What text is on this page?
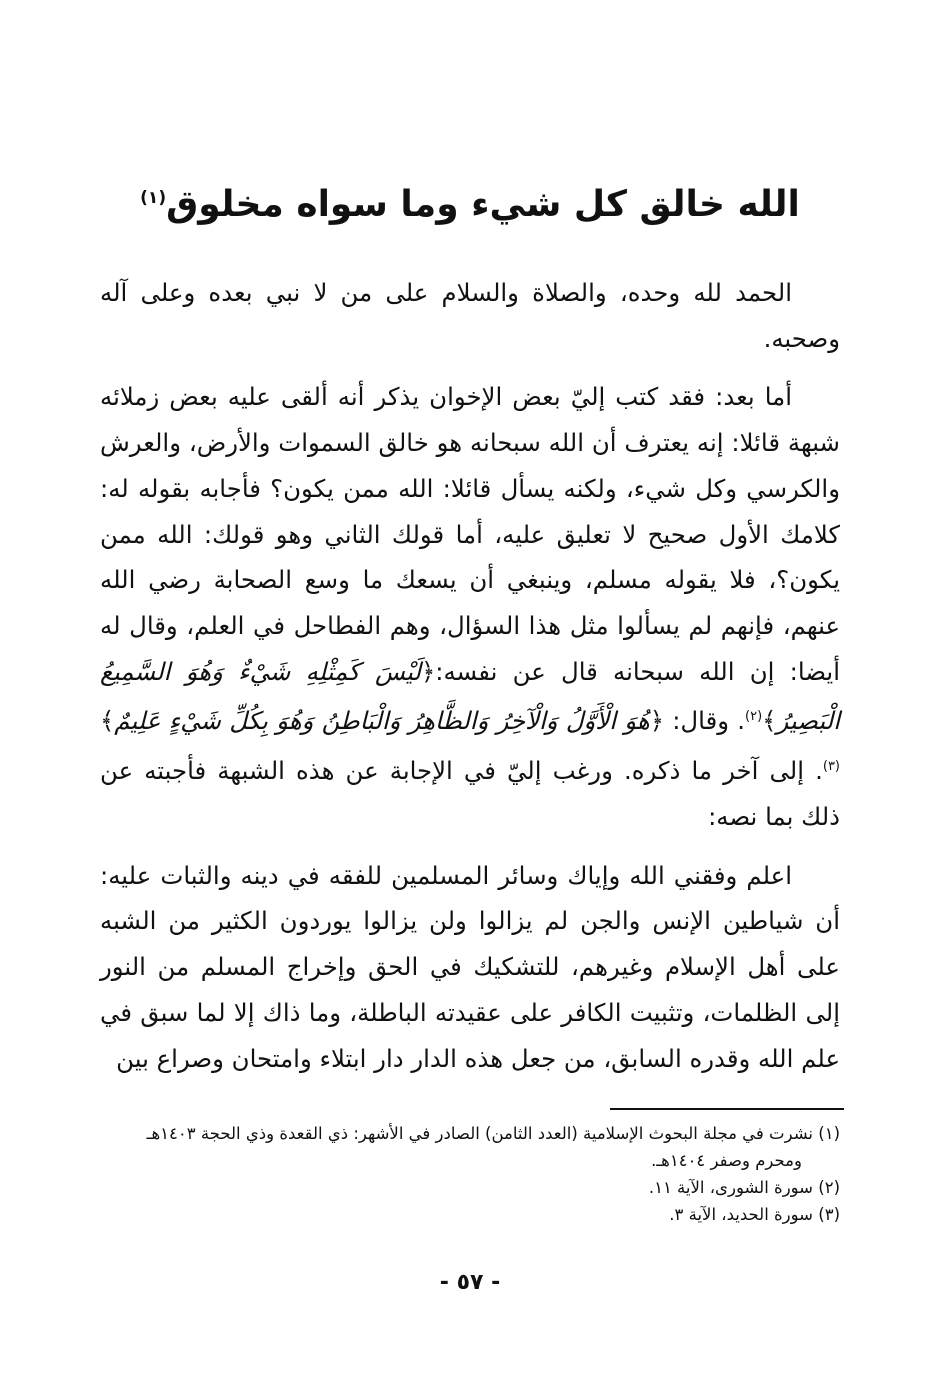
الله خالق كل شيء وما سواه مخلوق$^{(١)}$

الحمد لله وحده، والصلاة والسلام على من لا نبي بعده وعلى آله وصحبه.

أما بعد: فقد كتب إليّ بعض الإخوان يذكر أنه ألقى عليه بعض زملائه شبهة قائلا: إنه يعترف أن الله سبحانه هو خالق السموات والأرض، والعرش والكرسي وكل شيء، ولكنه يسأل قائلا: الله ممن يكون؟ فأجابه بقوله له: كلامك الأول صحيح لا تعليق عليه، أما قولك الثاني وهو قولك: الله ممن يكون؟، فلا يقوله مسلم، وينبغي أن يسعك ما وسع الصحابة رضي الله عنهم، فإنهم لم يسألوا مثل هذا السؤال، وهم الفطاحل في العلم، وقال له أيضا: إن الله سبحانه قال عن نفسه:﴿لَيْسَ كَمِثْلِهِ شَيْءٌ وَهُوَ السَّمِيعُ الْبَصِيرُ﴾$^{(٢)}$. وقال: ﴿هُوَ الْأَوَّلُ وَالْآخِرُ وَالظَّاهِرُ وَالْبَاطِنُ وَهُوَ بِكُلِّ شَيْءٍ عَلِيمٌ﴾$^{(٣)}$. إلى آخر ما ذكره. ورغب إليّ في الإجابة عن هذه الشبهة فأجبته عن ذلك بما نصه:

اعلم وفقني الله وإياك وسائر المسلمين للفقه في دينه والثبات عليه: أن شياطين الإنس والجن لم يزالوا ولن يزالوا يوردون الكثير من الشبه على أهل الإسلام وغيرهم، للتشكيك في الحق وإخراج المسلم من النور إلى الظلمات، وتثبيت الكافر على عقيدته الباطلة، وما ذاك إلا لما سبق في علم الله وقدره السابق، من جعل هذه الدار دار ابتلاء وامتحان وصراع بين

(١) نشرت في مجلة البحوث الإسلامية (العدد الثامن) الصادر في الأشهر: ذي القعدة وذي الحجة ١٤٠٣هـ

ومحرم وصفر ١٤٠٤هـ.

(٢) سورة الشورى، الآية ١١.

(٣) سورة الحديد، الآية ٣.

- ٥٧ -
